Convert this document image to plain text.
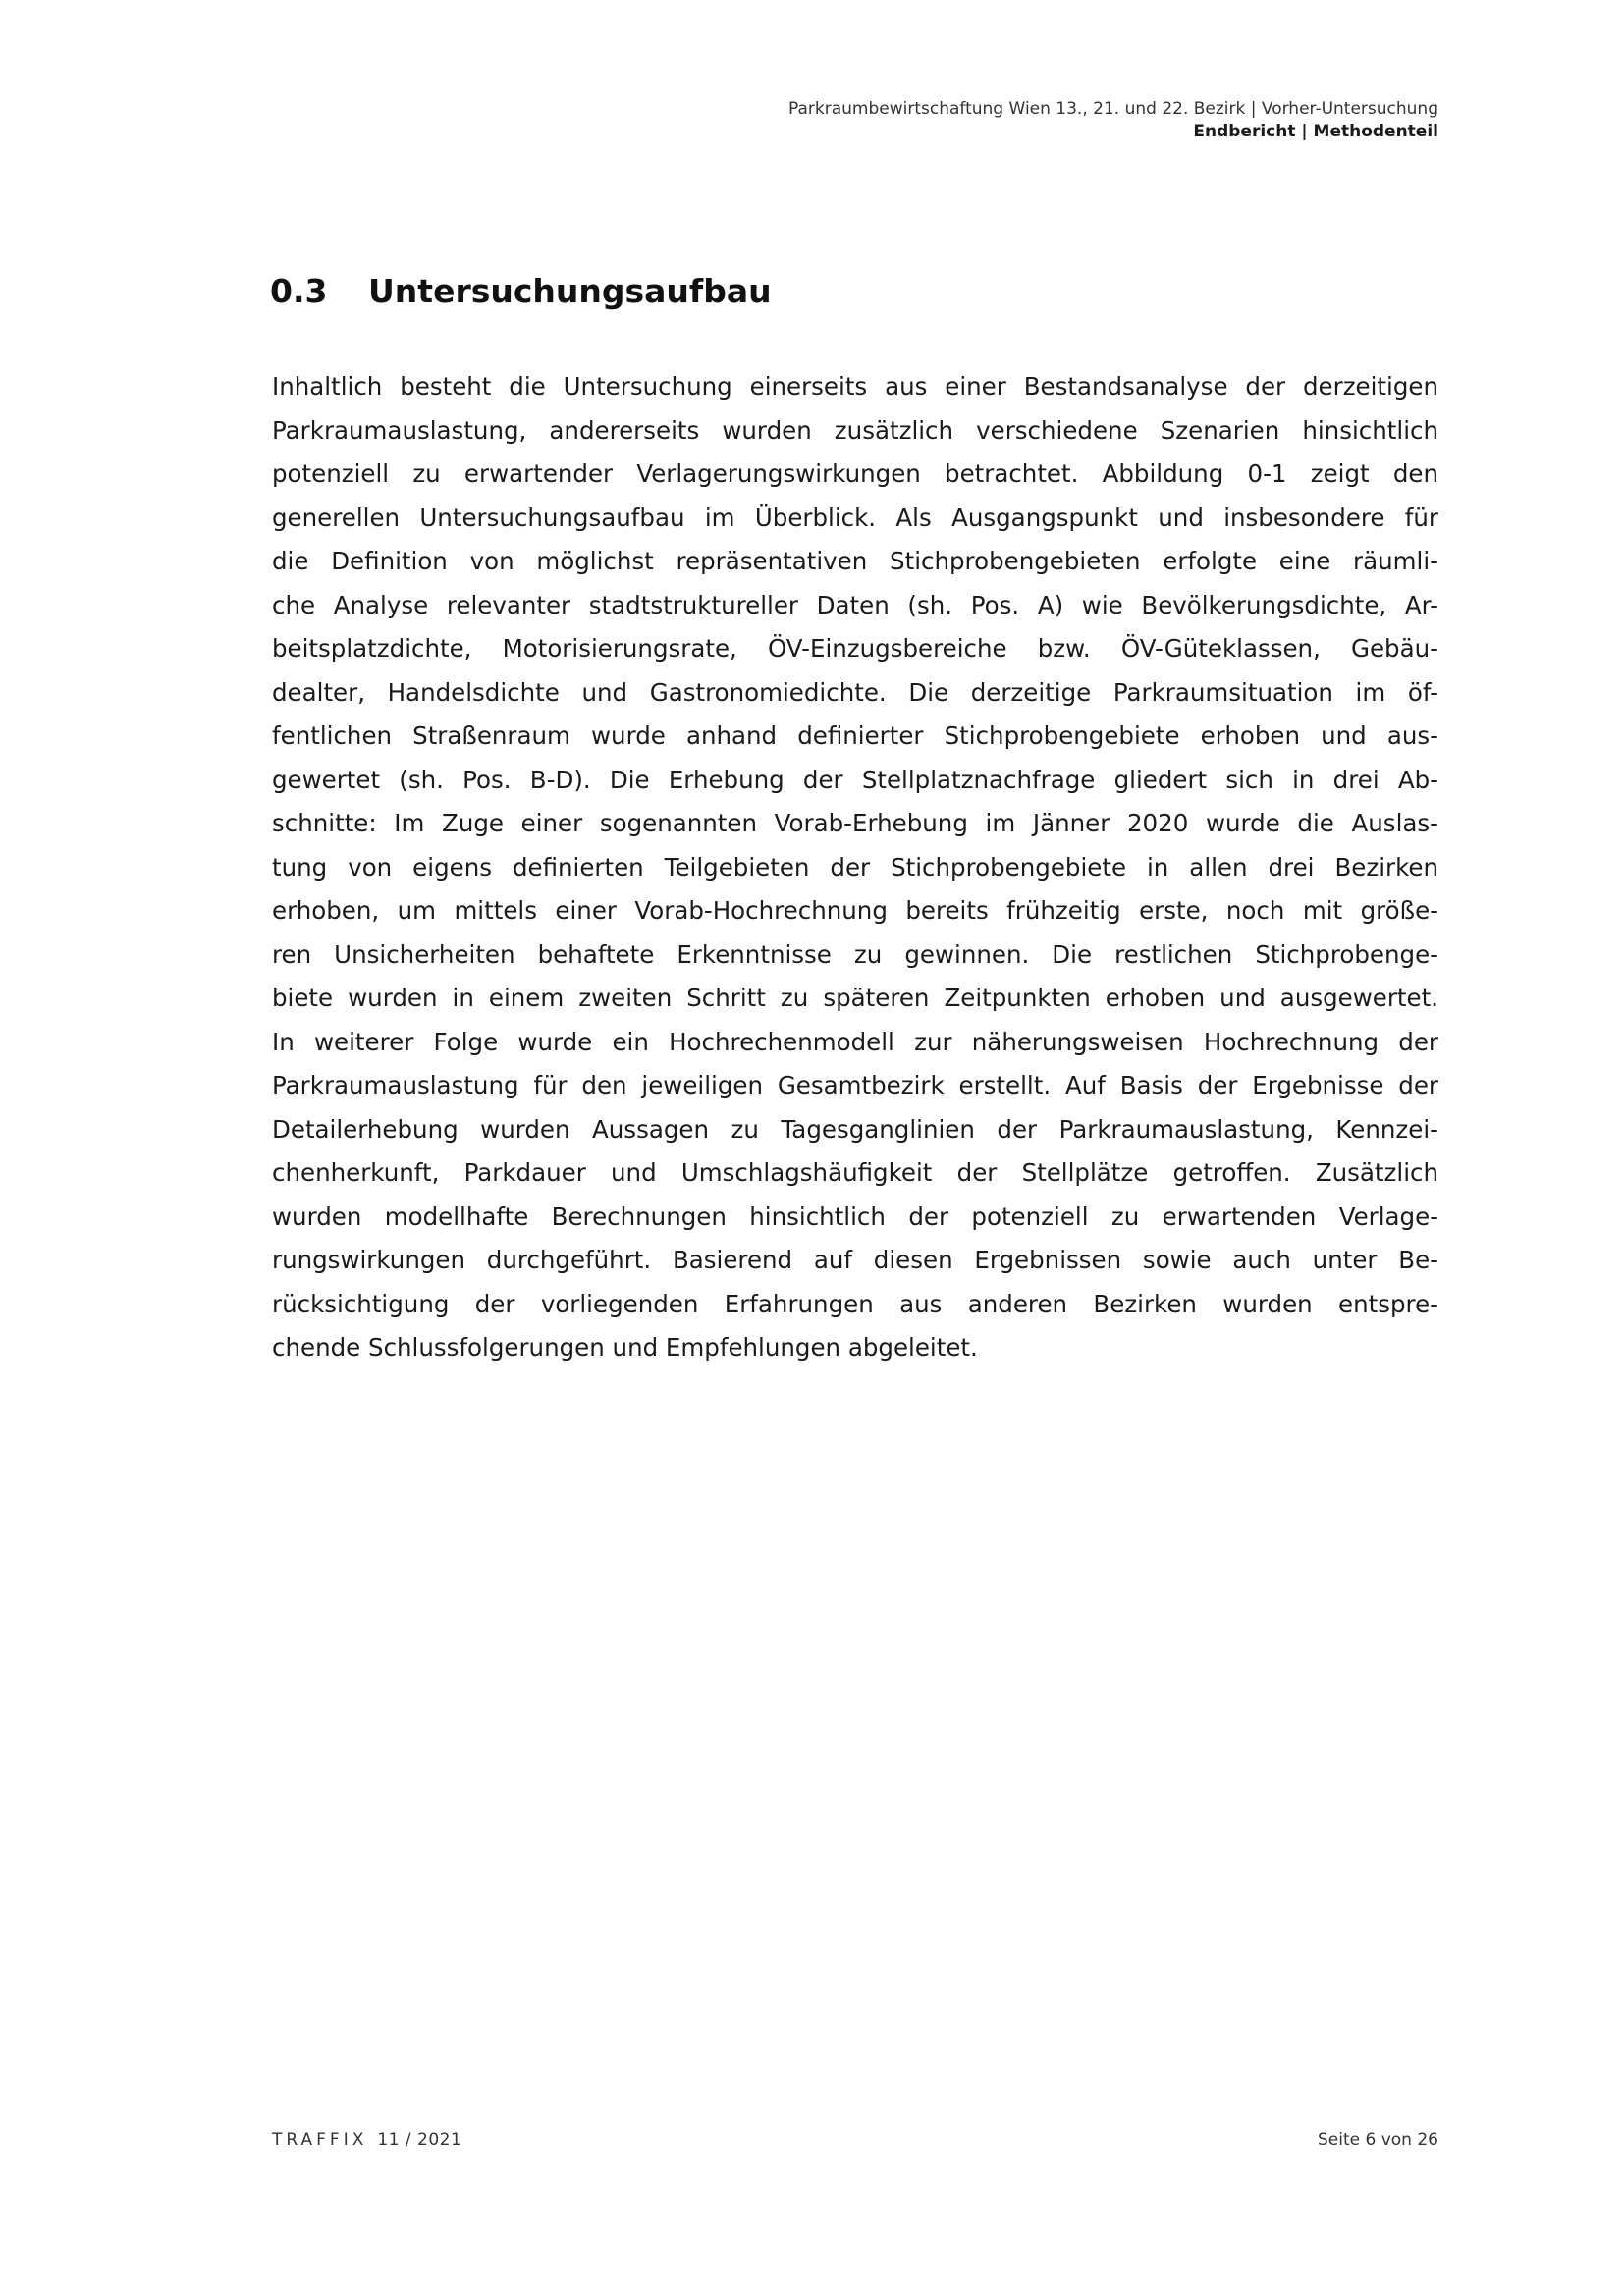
Parkraumbewirtschaftung Wien 13., 21. und 22. Bezirk | Vorher-Untersuchung
Endbericht | Methodenteil
0.3 Untersuchungsaufbau
Inhaltlich besteht die Untersuchung einerseits aus einer Bestandsanalyse der derzeitigen
Parkraumauslastung, andererseits wurden zusätzlich verschiedene Szenarien hinsichtlich
potenziell zu erwartender Verlagerungswirkungen betrachtet. Abbildung 0-1 zeigt den
generellen Untersuchungsaufbau im Überblick. Als Ausgangspunkt und insbesondere für
die Definition von möglichst repräsentativen Stichprobengebieten erfolgte eine räumli-
che Analyse relevanter stadtstruktureller Daten (sh. Pos. A) wie Bevölkerungsdichte, Ar-
beitsplatzdichte, Motorisierungsrate, ÖV-Einzugsbereiche bzw. ÖV-Güteklassen, Gebäu-
dealter, Handelsdichte und Gastronomiedichte. Die derzeitige Parkraumsituation im öf-
fentlichen Straßenraum wurde anhand definierter Stichprobengebiete erhoben und aus-
gewertet (sh. Pos. B-D). Die Erhebung der Stellplatznachfrage gliedert sich in drei Ab-
schnitte: Im Zuge einer sogenannten Vorab-Erhebung im Jänner 2020 wurde die Auslas-
tung von eigens definierten Teilgebieten der Stichprobengebiete in allen drei Bezirken
erhoben, um mittels einer Vorab-Hochrechnung bereits frühzeitig erste, noch mit größe-
ren Unsicherheiten behaftete Erkenntnisse zu gewinnen. Die restlichen Stichprobenge-
biete wurden in einem zweiten Schritt zu späteren Zeitpunkten erhoben und ausgewertet.
In weiterer Folge wurde ein Hochrechenmodell zur näherungsweisen Hochrechnung der
Parkraumauslastung für den jeweiligen Gesamtbezirk erstellt. Auf Basis der Ergebnisse der
Detailerhebung wurden Aussagen zu Tagesganglinien der Parkraumauslastung, Kennzei-
chenherkunft, Parkdauer und Umschlagshäufigkeit der Stellplätze getroffen. Zusätzlich
wurden modellhafte Berechnungen hinsichtlich der potenziell zu erwartenden Verlage-
rungswirkungen durchgeführt. Basierend auf diesen Ergebnissen sowie auch unter Be-
rücksichtigung der vorliegenden Erfahrungen aus anderen Bezirken wurden entspre-
chende Schlussfolgerungen und Empfehlungen abgeleitet.
TRAFFIX 11 / 2021	Seite 6 von 26
